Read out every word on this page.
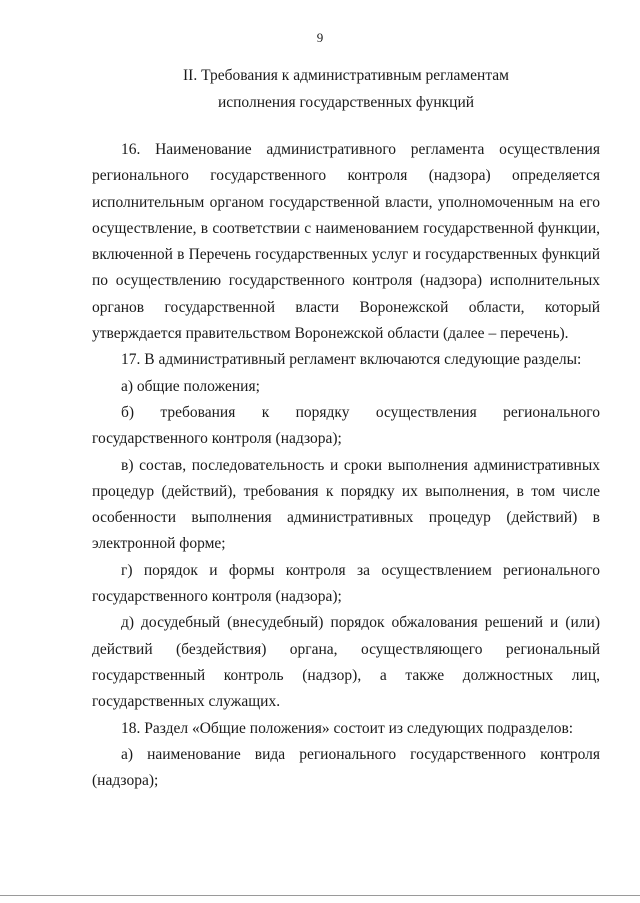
9
II. Требования к административным регламентам
исполнения государственных функций

16. Наименование административного регламента осуществления регионального государственного контроля (надзора) определяется исполнительным органом государственной власти, уполномоченным на его осуществление, в соответствии с наименованием государственной функции, включенной в Перечень государственных услуг и государственных функций по осуществлению государственного контроля (надзора) исполнительных органов государственной власти Воронежской области, который утверждается правительством Воронежской области (далее – перечень).

17. В административный регламент включаются следующие разделы:

а) общие положения;

б) требования к порядку осуществления регионального государственного контроля (надзора);

в) состав, последовательность и сроки выполнения административных процедур (действий), требования к порядку их выполнения, в том числе особенности выполнения административных процедур (действий) в электронной форме;

г) порядок и формы контроля за осуществлением регионального государственного контроля (надзора);

д) досудебный (внесудебный) порядок обжалования решений и (или) действий (бездействия) органа, осуществляющего региональный государственный контроль (надзор), а также должностных лиц, государственных служащих.

18. Раздел «Общие положения» состоит из следующих подразделов:

а) наименование вида регионального государственного контроля (надзора);
